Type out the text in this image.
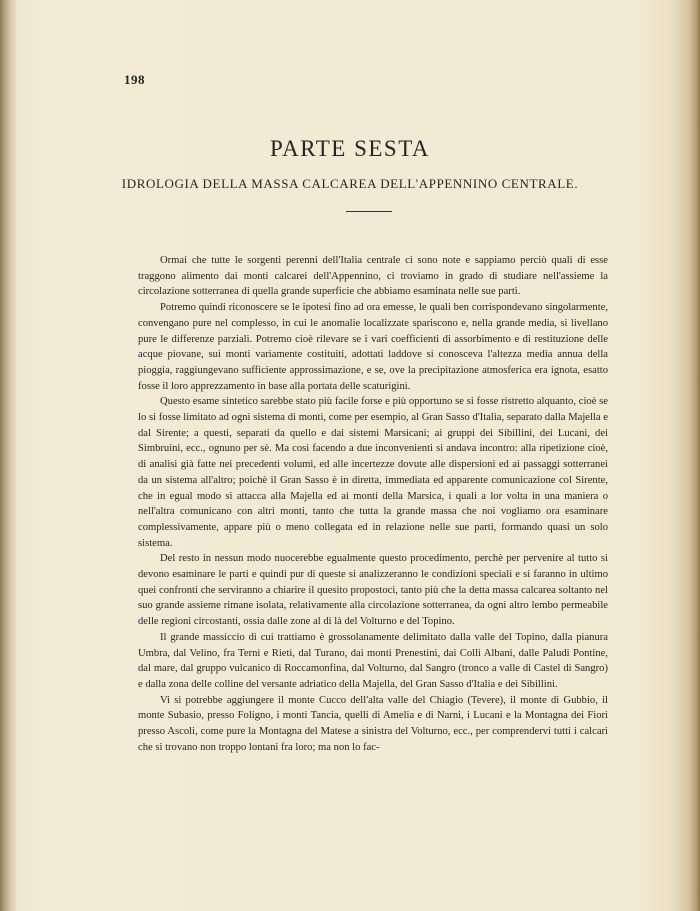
198
PARTE SESTA
IDROLOGIA DELLA MASSA CALCAREA DELL'APPENNINO CENTRALE.

Ormai che tutte le sorgenti perenni dell'Italia centrale ci sono note e sappiamo perciò quali di esse traggono alimento dai monti calcarei dell'Appennino, ci troviamo in grado di studiare nell'assieme la circolazione sotterranea di quella grande superficie che abbiamo esaminata nelle sue parti.

Potremo quindi riconoscere se le ipotesi fino ad ora emesse, le quali ben corrispondevano singolarmente, convengano pure nel complesso, in cui le anomalie localizzate spariscono e, nella grande media, si livellano pure le differenze parziali. Potremo cioè rilevare se i vari coefficienti di assorbimento e di restituzione delle acque piovane, sui monti variamente costituiti, adottati laddove si conosceva l'altezza media annua della pioggia, raggiungevano sufficiente approssimazione, e se, ove la precipitazione atmosferica era ignota, esatto fosse il loro apprezzamento in base alla portata delle scaturigini.

Questo esame sintetico sarebbe stato più facile forse e più opportuno se si fosse ristretto alquanto, cioè se lo si fosse limitato ad ogni sistema di monti, come per esempio, al Gran Sasso d'Italia, separato dalla Majella e dal Sirente; a questi, separati da quello e dai sistemi Marsicani; ai gruppi dei Sibillini, dei Lucani, dei Simbruini, ecc., ognuno per sè. Ma così facendo a due inconvenienti si andava incontro: alla ripetizione cioè, di analisi già fatte nei precedenti volumi, ed alle incertezze dovute alle dispersioni ed ai passaggi sotterranei da un sistema all'altro; poichè il Gran Sasso è in diretta, immediata ed apparente comunicazione col Sirente, che in egual modo si attacca alla Majella ed ai monti della Marsica, i quali a lor volta in una maniera o nell'altra comunicano con altri monti, tanto che tutta la grande massa che noi vogliamo ora esaminare complessivamente, appare più o meno collegata ed in relazione nelle sue parti, formando quasi un solo sistema.

Del resto in nessun modo nuocerebbe egualmente questo procedimento, perchè per pervenire al tutto si devono esaminare le parti e quindi pur di queste si analizzeranno le condizioni speciali e si faranno in ultimo quei confronti che serviranno a chiarire il quesito propostoci, tanto più che la detta massa calcarea soltanto nel suo grande assieme rimane isolata, relativamente alla circolazione sotterranea, da ogni altro lembo permeabile delle regioni circostanti, ossia dalle zone al di là del Volturno e del Topino.

Il grande massiccio di cui trattiamo è grossolanamente delimitato dalla valle del Topino, dalla pianura Umbra, dal Velino, fra Terni e Rieti, dal Turano, dai monti Prenestini, dai Colli Albani, dalle Paludi Pontine, dal mare, dal gruppo vulcanico di Roccamonfina, dal Volturno, dal Sangro (tronco a valle di Castel di Sangro) e dalla zona delle colline del versante adriatico della Majella, del Gran Sasso d'Italia e dei Sibillini.

Vi si potrebbe aggiungere il monte Cucco dell'alta valle del Chiagio (Tevere), il monte di Gubbio, il monte Subasio, presso Foligno, i monti Tancia, quelli di Amelia e di Narni, i Lucani e la Montagna dei Fiori presso Ascoli, come pure la Montagna del Matese a sinistra del Volturno, ecc., per comprendervi tutti i calcari che si trovano non troppo lontani fra loro; ma non lo fac-
